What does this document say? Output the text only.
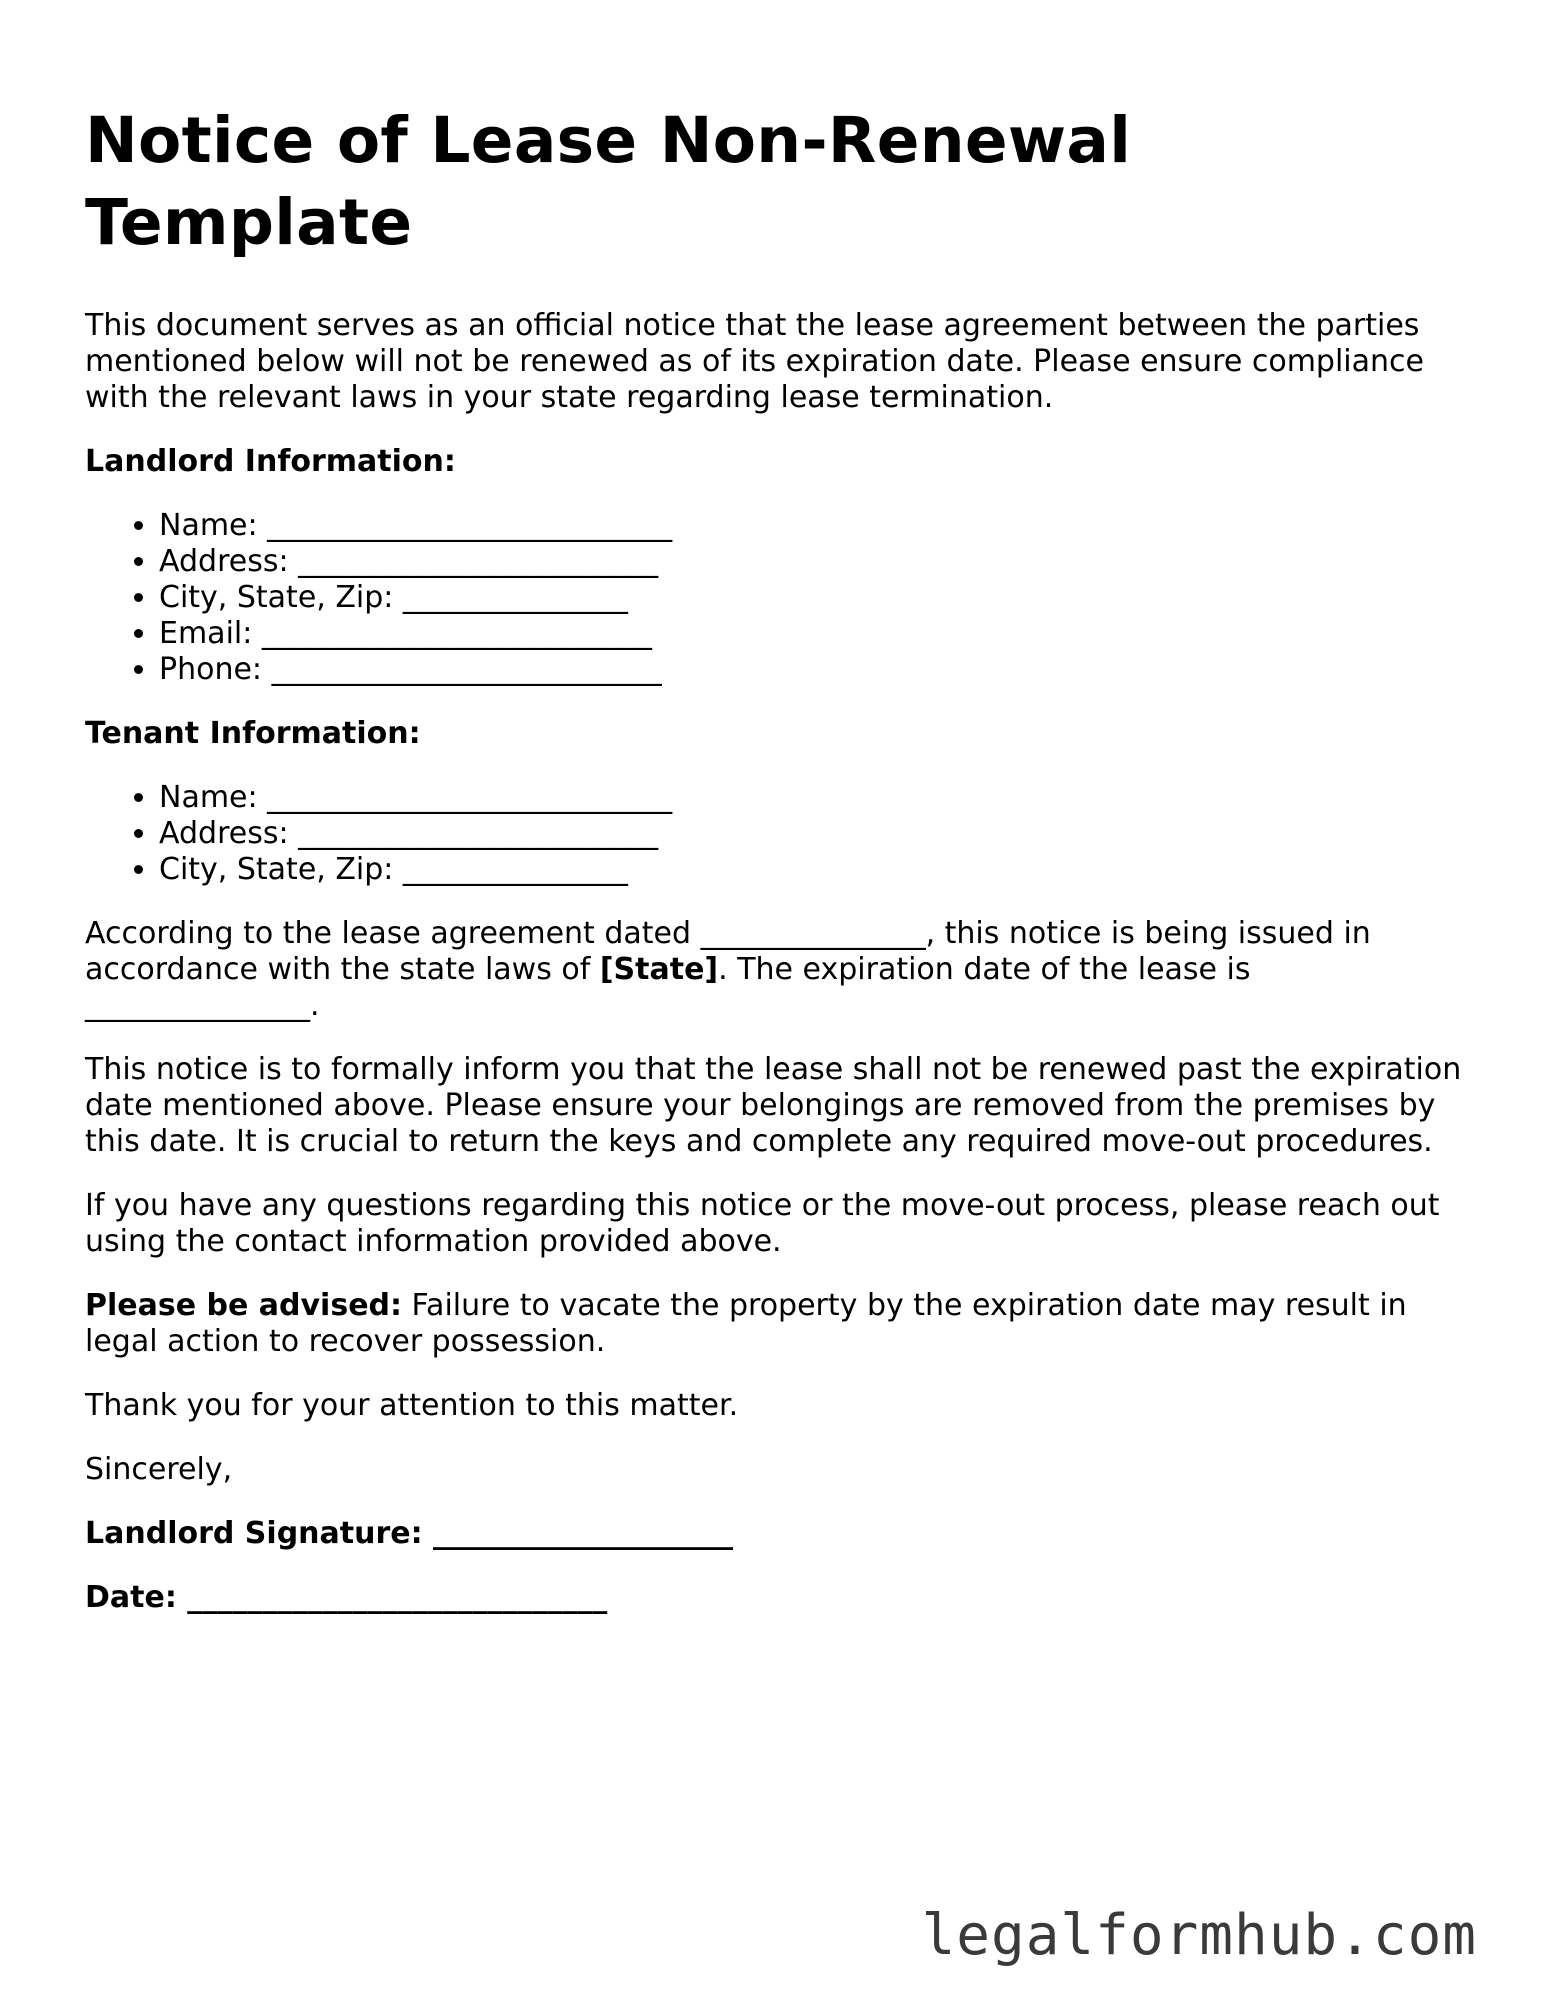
Notice of Lease Non-Renewal Template

This document serves as an official notice that the lease agreement between the parties mentioned below will not be renewed as of its expiration date. Please ensure compliance with the relevant laws in your state regarding lease termination.

Landlord Information:

• Name: ___________________________
• Address: ________________________
• City, State, Zip: _______________
• Email: __________________________
• Phone: __________________________

Tenant Information:

• Name: ___________________________
• Address: ________________________
• City, State, Zip: _______________

According to the lease agreement dated _______________, this notice is being issued in accordance with the state laws of [State]. The expiration date of the lease is _______________.

This notice is to formally inform you that the lease shall not be renewed past the expiration date mentioned above. Please ensure your belongings are removed from the premises by this date. It is crucial to return the keys and complete any required move-out procedures.

If you have any questions regarding this notice or the move-out process, please reach out using the contact information provided above.

Please be advised: Failure to vacate the property by the expiration date may result in legal action to recover possession.

Thank you for your attention to this matter.

Sincerely,

Landlord Signature: ____________________

Date: ____________________________

legalformhub.com
